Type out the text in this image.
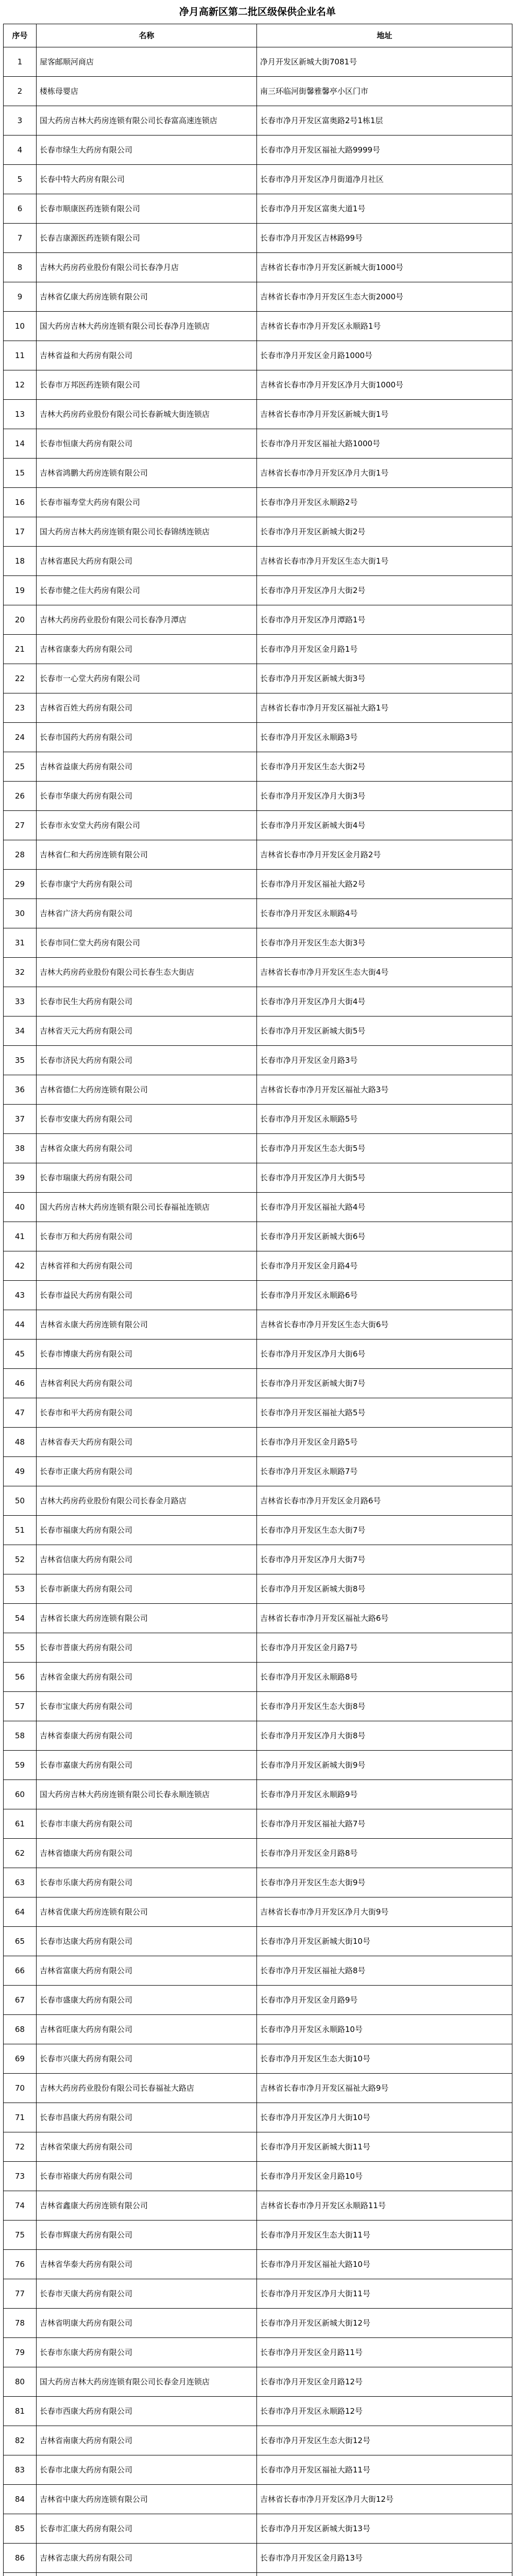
净月高新区第二批区级保供企业名单
序号	名称	地址
1	屋客邮顺河商店	净月开发区新城大街7081号
2	楼栋母婴店	南三环临河街馨雅馨亭小区门市
3	国大药房吉林大药房连锁有限公司长春富高速连锁店	长春市净月开发区富奥路2号1栋1层
4	长春市绿生大药房有限公司	长春市净月开发区福祉大路9999号
5	长春中特大药房有限公司	长春市净月开发区净月街道净月社区
6	长春市顺康医药连锁有限公司	长春市净月开发区富奥大道1号
7	长春吉康源医药连锁有限公司	长春市净月开发区吉林路99号
8	吉林大药房药业股份有限公司长春净月店	吉林省长春市净月开发区新城大街1000号
9	吉林省亿康大药房连锁有限公司	吉林省长春市净月开发区生态大街2000号
10	国大药房吉林大药房连锁有限公司长春净月连锁店	吉林省长春市净月开发区永顺路1号
11	吉林省益和大药房有限公司	长春市净月开发区金月路1000号
12	长春市万邦医药连锁有限公司	吉林省长春市净月开发区净月大街1000号
13	吉林大药房药业股份有限公司长春新城大街连锁店	吉林省长春市净月开发区新城大街1号
14	长春市恒康大药房有限公司	长春市净月开发区福祉大路1000号
15	吉林省鸿鹏大药房连锁有限公司	吉林省长春市净月开发区净月大街1号
16	长春市福寿堂大药房有限公司	长春市净月开发区永顺路2号
17	国大药房吉林大药房连锁有限公司长春锦绣连锁店	长春市净月开发区新城大街2号
18	吉林省惠民大药房有限公司	吉林省长春市净月开发区生态大街1号
19	长春市健之佳大药房有限公司	长春市净月开发区净月大街2号
20	吉林大药房药业股份有限公司长春净月潭店	长春市净月开发区净月潭路1号
21	吉林省康泰大药房有限公司	长春市净月开发区金月路1号
22	长春市一心堂大药房有限公司	长春市净月开发区新城大街3号
23	吉林省百姓大药房有限公司	吉林省长春市净月开发区福祉大路1号
24	长春市国药大药房有限公司	长春市净月开发区永顺路3号
25	吉林省益康大药房有限公司	长春市净月开发区生态大街2号
26	长春市华康大药房有限公司	长春市净月开发区净月大街3号
27	长春市永安堂大药房有限公司	长春市净月开发区新城大街4号
28	吉林省仁和大药房连锁有限公司	吉林省长春市净月开发区金月路2号
29	长春市康宁大药房有限公司	长春市净月开发区福祉大路2号
30	吉林省广济大药房有限公司	长春市净月开发区永顺路4号
31	长春市同仁堂大药房有限公司	长春市净月开发区生态大街3号
32	吉林大药房药业股份有限公司长春生态大街店	吉林省长春市净月开发区生态大街4号
33	长春市民生大药房有限公司	长春市净月开发区净月大街4号
34	吉林省天元大药房有限公司	长春市净月开发区新城大街5号
35	长春市济民大药房有限公司	长春市净月开发区金月路3号
36	吉林省德仁大药房连锁有限公司	吉林省长春市净月开发区福祉大路3号
37	长春市安康大药房有限公司	长春市净月开发区永顺路5号
38	吉林省众康大药房有限公司	长春市净月开发区生态大街5号
39	长春市瑞康大药房有限公司	长春市净月开发区净月大街5号
40	国大药房吉林大药房连锁有限公司长春福祉连锁店	长春市净月开发区福祉大路4号
41	长春市万和大药房有限公司	长春市净月开发区新城大街6号
42	吉林省祥和大药房有限公司	长春市净月开发区金月路4号
43	长春市益民大药房有限公司	长春市净月开发区永顺路6号
44	吉林省永康大药房连锁有限公司	吉林省长春市净月开发区生态大街6号
45	长春市博康大药房有限公司	长春市净月开发区净月大街6号
46	吉林省利民大药房有限公司	长春市净月开发区新城大街7号
47	长春市和平大药房有限公司	长春市净月开发区福祉大路5号
48	吉林省春天大药房有限公司	长春市净月开发区金月路5号
49	长春市正康大药房有限公司	长春市净月开发区永顺路7号
50	吉林大药房药业股份有限公司长春金月路店	吉林省长春市净月开发区金月路6号
51	长春市福康大药房有限公司	长春市净月开发区生态大街7号
52	吉林省信康大药房有限公司	长春市净月开发区净月大街7号
53	长春市新康大药房有限公司	长春市净月开发区新城大街8号
54	吉林省长康大药房连锁有限公司	吉林省长春市净月开发区福祉大路6号
55	长春市普康大药房有限公司	长春市净月开发区金月路7号
56	吉林省金康大药房有限公司	长春市净月开发区永顺路8号
57	长春市宝康大药房有限公司	长春市净月开发区生态大街8号
58	吉林省泰康大药房有限公司	长春市净月开发区净月大街8号
59	长春市嘉康大药房有限公司	长春市净月开发区新城大街9号
60	国大药房吉林大药房连锁有限公司长春永顺连锁店	长春市净月开发区永顺路9号
61	长春市丰康大药房有限公司	长春市净月开发区福祉大路7号
62	吉林省德康大药房有限公司	长春市净月开发区金月路8号
63	长春市乐康大药房有限公司	长春市净月开发区生态大街9号
64	吉林省优康大药房连锁有限公司	吉林省长春市净月开发区净月大街9号
65	长春市达康大药房有限公司	长春市净月开发区新城大街10号
66	吉林省富康大药房有限公司	长春市净月开发区福祉大路8号
67	长春市盛康大药房有限公司	长春市净月开发区金月路9号
68	吉林省旺康大药房有限公司	长春市净月开发区永顺路10号
69	长春市兴康大药房有限公司	长春市净月开发区生态大街10号
70	吉林大药房药业股份有限公司长春福祉大路店	吉林省长春市净月开发区福祉大路9号
71	长春市昌康大药房有限公司	长春市净月开发区净月大街10号
72	吉林省荣康大药房有限公司	长春市净月开发区新城大街11号
73	长春市裕康大药房有限公司	长春市净月开发区金月路10号
74	吉林省鑫康大药房连锁有限公司	吉林省长春市净月开发区永顺路11号
75	长春市辉康大药房有限公司	长春市净月开发区生态大街11号
76	吉林省华泰大药房有限公司	长春市净月开发区福祉大路10号
77	长春市天康大药房有限公司	长春市净月开发区净月大街11号
78	吉林省明康大药房有限公司	长春市净月开发区新城大街12号
79	长春市东康大药房有限公司	长春市净月开发区金月路11号
80	国大药房吉林大药房连锁有限公司长春金月连锁店	长春市净月开发区金月路12号
81	长春市西康大药房有限公司	长春市净月开发区永顺路12号
82	吉林省南康大药房有限公司	长春市净月开发区生态大街12号
83	长春市北康大药房有限公司	长春市净月开发区福祉大路11号
84	吉林省中康大药房连锁有限公司	吉林省长春市净月开发区净月大街12号
85	长春市汇康大药房有限公司	长春市净月开发区新城大街13号
86	吉林省志康大药房有限公司	长春市净月开发区金月路13号
